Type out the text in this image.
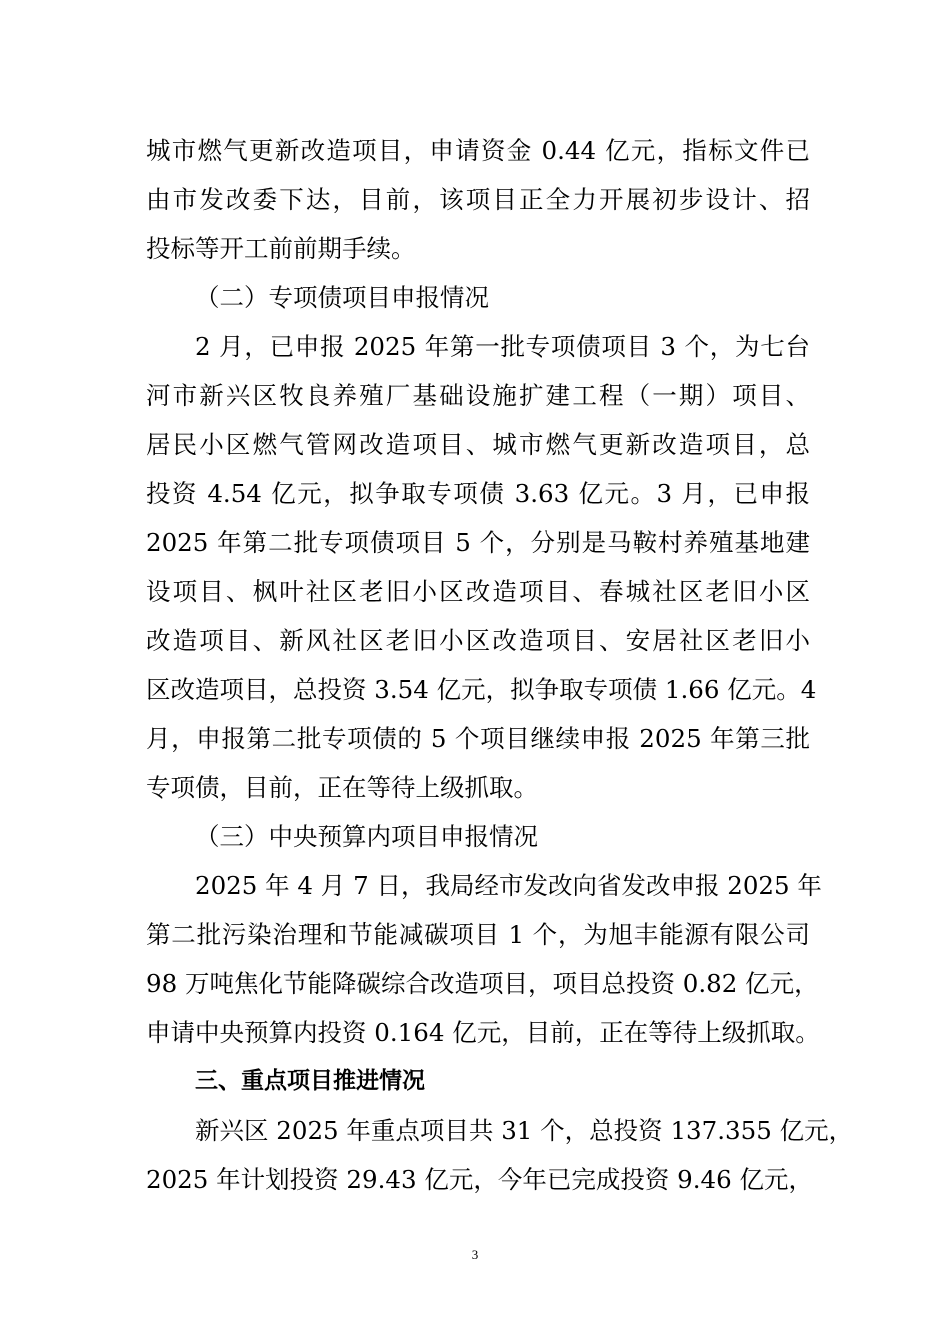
城市燃气更新改造项目，申请资金 0.44 亿元，指标文件已
由市发改委下达，目前，该项目正全力开展初步设计、招
投标等开工前前期手续。
（二）专项债项目申报情况
2 月，已申报 2025 年第一批专项债项目 3 个，为七台
河市新兴区牧良养殖厂基础设施扩建工程（一期）项目、
居民小区燃气管网改造项目、城市燃气更新改造项目，总
投资 4.54 亿元，拟争取专项债 3.63 亿元。3 月，已申报
2025 年第二批专项债项目 5 个，分别是马鞍村养殖基地建
设项目、枫叶社区老旧小区改造项目、春城社区老旧小区
改造项目、新风社区老旧小区改造项目、安居社区老旧小
区改造项目，总投资 3.54 亿元，拟争取专项债 1.66 亿元。4
月，申报第二批专项债的 5 个项目继续申报 2025 年第三批
专项债，目前，正在等待上级抓取。
（三）中央预算内项目申报情况
2025 年 4 月 7 日，我局经市发改向省发改申报 2025 年
第二批污染治理和节能减碳项目 1 个，为旭丰能源有限公司
98 万吨焦化节能降碳综合改造项目，项目总投资 0.82 亿元，
申请中央预算内投资 0.164 亿元，目前，正在等待上级抓取。
三、重点项目推进情况
新兴区 2025 年重点项目共 31 个，总投资 137.355 亿元，
2025 年计划投资 29.43 亿元，今年已完成投资 9.46 亿元，
3
